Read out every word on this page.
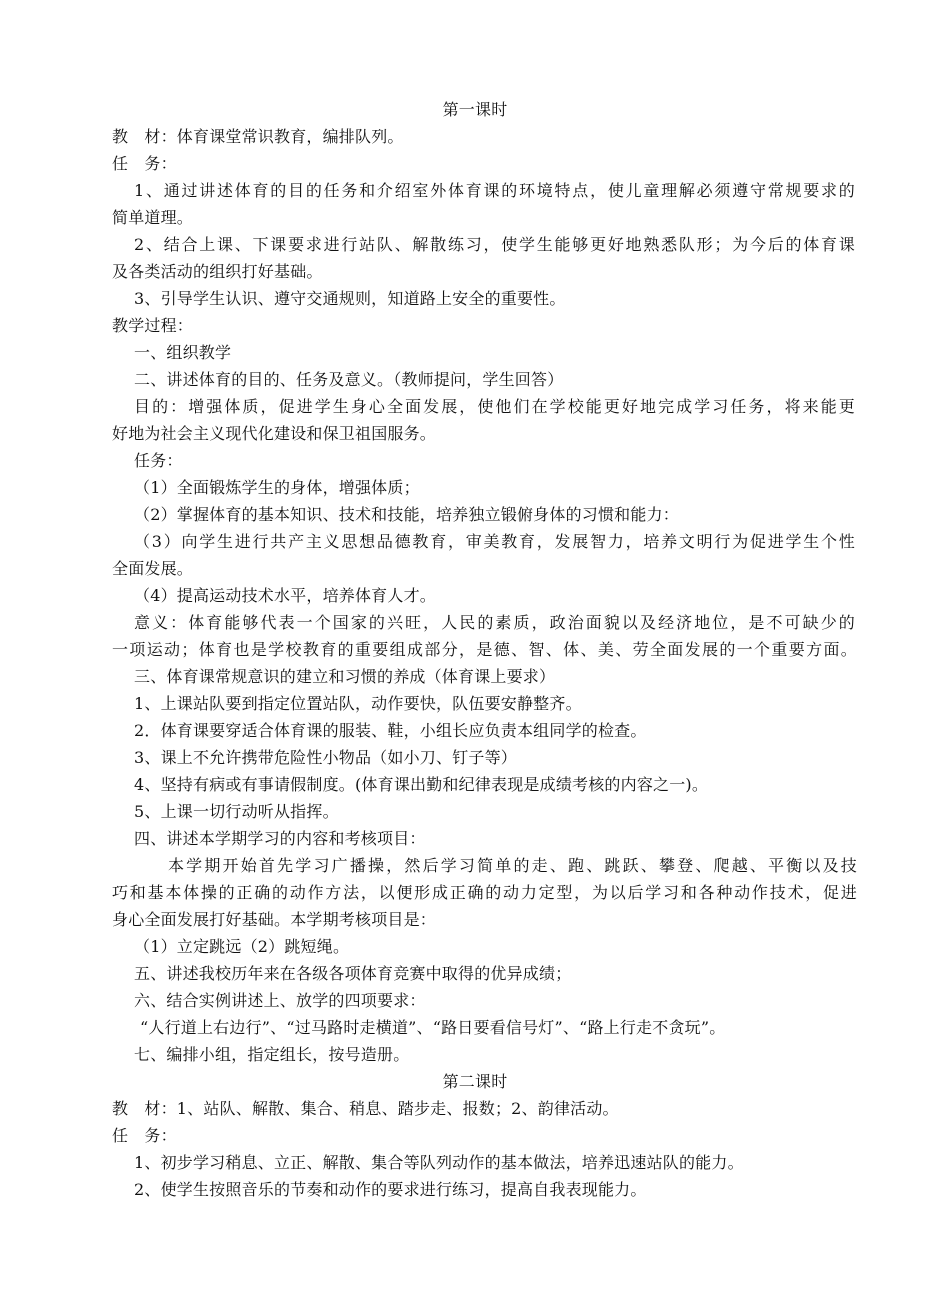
第一课时
教　材：体育课堂常识教育，编排队列。
任　务：
1、通过讲述体育的目的任务和介绍室外体育课的环境特点，使儿童理解必须遵守常规要求的
简单道理。
2、结合上课、下课要求进行站队、解散练习，使学生能够更好地熟悉队形；为今后的体育课
及各类活动的组织打好基础。
3、引导学生认识、遵守交通规则，知道路上安全的重要性。
教学过程：
一、组织教学
二、讲述体育的目的、任务及意义。（教师提问，学生回答）
目的：增强体质，促进学生身心全面发展，使他们在学校能更好地完成学习任务，将来能更
好地为社会主义现代化建设和保卫祖国服务。
任务：
（1）全面锻炼学生的身体，增强体质；
（2）掌握体育的基本知识、技术和技能，培养独立锻俯身体的习惯和能力：
（3）向学生进行共产主义思想品德教育，审美教育，发展智力，培养文明行为促进学生个性
全面发展。
（4）提高运动技术水平，培养体育人才。
意义：体育能够代表一个国家的兴旺，人民的素质，政治面貌以及经济地位，是不可缺少的
一项运动；体育也是学校教育的重要组成部分，是德、智、体、美、劳全面发展的一个重要方面。
三、体育课常规意识的建立和习惯的养成（体育课上要求）
1、上课站队要到指定位置站队，动作要快，队伍要安静整齐。
2．体育课要穿适合体育课的服装、鞋，小组长应负责本组同学的检查。
3、课上不允许携带危险性小物品（如小刀、钉子等）
4、坚持有病或有事请假制度。(体育课出勤和纪律表现是成绩考核的内容之一)。
5、上课一切行动听从指挥。
四、讲述本学期学习的内容和考核项目：
本学期开始首先学习广播操，然后学习简单的走、跑、跳跃、攀登、爬越、平衡以及技
巧和基本体操的正确的动作方法，以便形成正确的动力定型，为以后学习和各种动作技术，促进
身心全面发展打好基础。本学期考核项目是：
（1）立定跳远（2）跳短绳。
五、讲述我校历年来在各级各项体育竞赛中取得的优异成绩；
六、结合实例讲述上、放学的四项要求：
“人行道上右边行”、“过马路时走横道”、“路日要看信号灯”、“路上行走不贪玩”。
七、编排小组，指定组长，按号造册。
第二课时
教　材：1、站队、解散、集合、稍息、踏步走、报数；2、韵律活动。
任　务：
1、初步学习稍息、立正、解散、集合等队列动作的基本做法，培养迅速站队的能力。
2、使学生按照音乐的节奏和动作的要求进行练习，提高自我表现能力。
